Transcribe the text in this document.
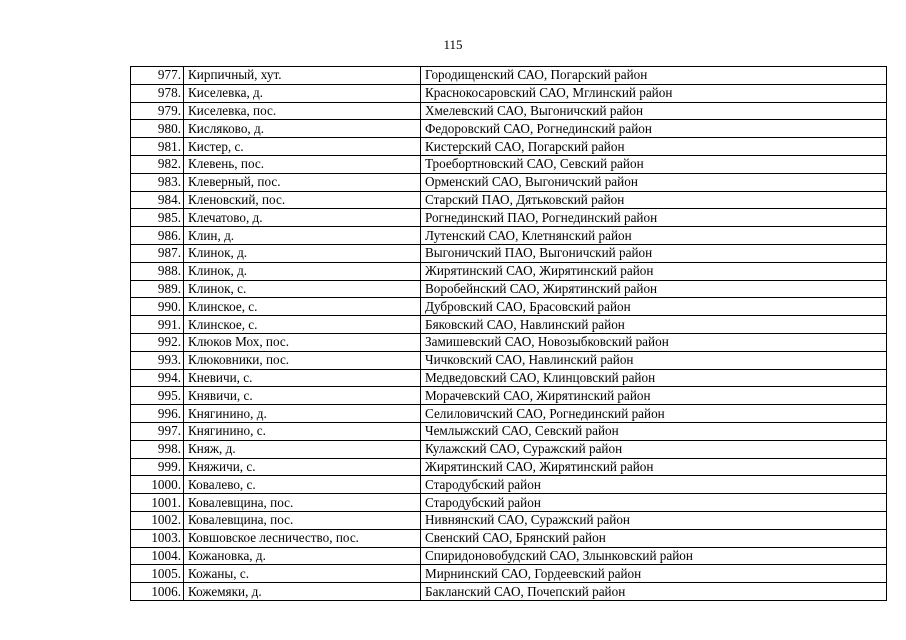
115
977.	Кирпичный, хут.	Городищенский САО, Погарский район
978.	Киселевка, д.	Краснокосаровский САО, Мглинский район
979.	Киселевка, пос.	Хмелевский САО, Выгоничский район
980.	Кисляково, д.	Федоровский САО, Рогнединский район
981.	Кистер, с.	Кистерский САО, Погарский район
982.	Клевень, пос.	Троебортновский САО, Севский район
983.	Клеверный, пос.	Орменский САО, Выгоничский район
984.	Кленовский, пос.	Старский ПАО, Дятьковский район
985.	Клечатово, д.	Рогнединский ПАО, Рогнединский район
986.	Клин, д.	Лутенский САО, Клетнянский район
987.	Клинок, д.	Выгоничский ПАО, Выгоничский район
988.	Клинок, д.	Жирятинский САО, Жирятинский район
989.	Клинок, с.	Воробейнский САО, Жирятинский район
990.	Клинское, с.	Дубровский САО, Брасовский район
991.	Клинское, с.	Бяковский САО, Навлинский район
992.	Клюков Мох, пос.	Замишевский САО, Новозыбковский район
993.	Клюковники, пос.	Чичковский САО, Навлинский район
994.	Кневичи, с.	Медведовский САО, Клинцовский район
995.	Княвичи, с.	Морачевский САО, Жирятинский район
996.	Княгинино, д.	Селиловичский САО, Рогнединский район
997.	Княгинино, с.	Чемлыжский САО, Севский район
998.	Княж, д.	Кулажский САО, Суражский район
999.	Княжичи, с.	Жирятинский САО, Жирятинский район
1000.	Ковалево, с.	Стародубский район
1001.	Ковалевщина, пос.	Стародубский район
1002.	Ковалевщина, пос.	Нивнянский САО, Суражский район
1003.	Ковшовское лесничество, пос.	Свенский САО, Брянский район
1004.	Кожановка, д.	Спиридоновобудский САО, Злынковский район
1005.	Кожаны, с.	Мирнинский САО, Гордеевский район
1006.	Кожемяки, д.	Бакланский САО, Почепский район
